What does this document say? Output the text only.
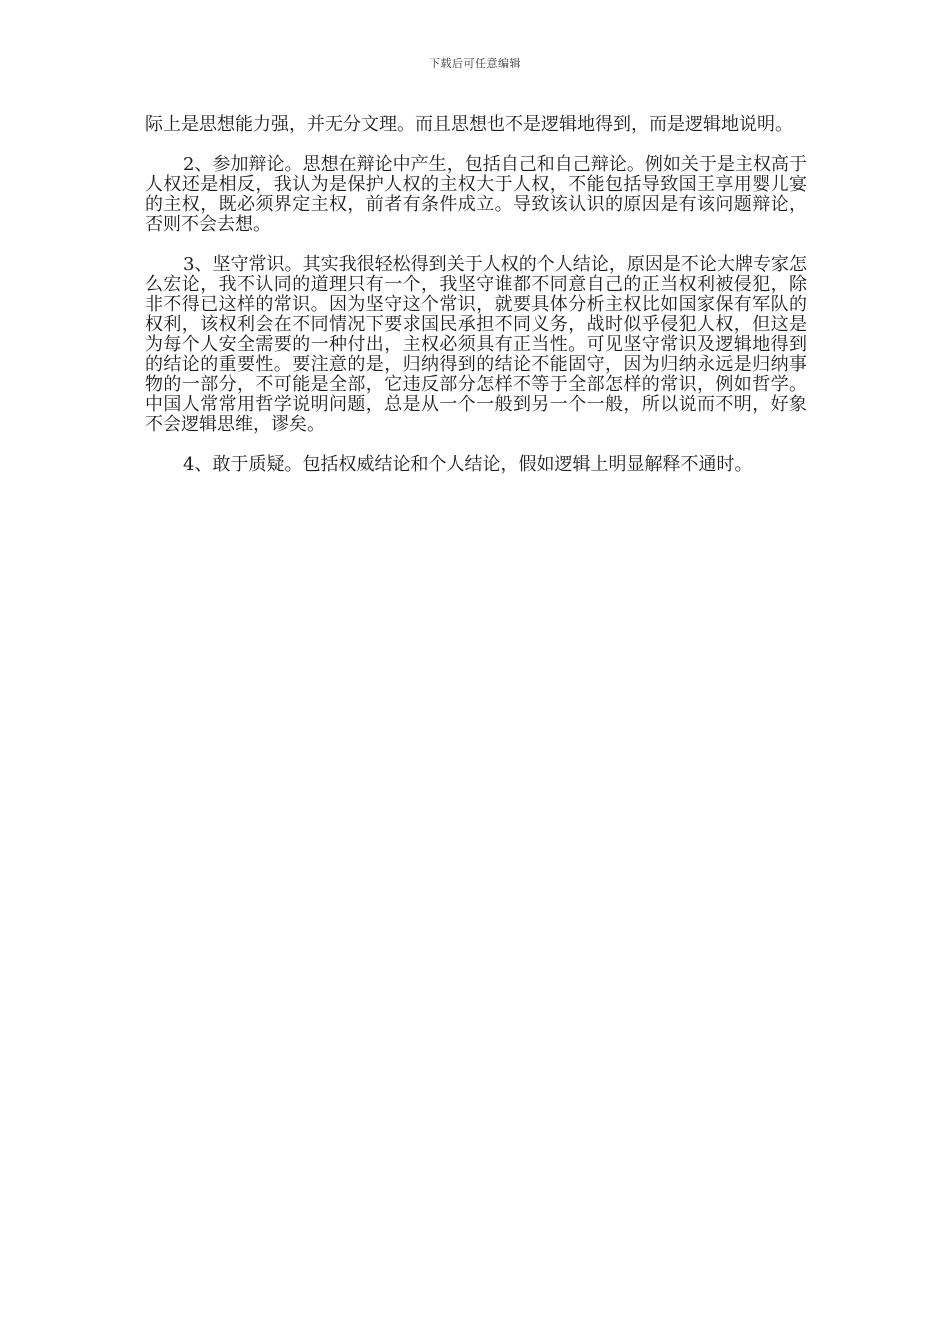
下载后可任意编辑

际上是思想能力强，并无分文理。而且思想也不是逻辑地得到，而是逻辑地说明。

2、参加辩论。思想在辩论中产生，包括自己和自己辩论。例如关于是主权高于人权还是相反，我认为是保护人权的主权大于人权，不能包括导致国王享用婴儿宴的主权，既必须界定主权，前者有条件成立。导致该认识的原因是有该问题辩论，否则不会去想。

3、坚守常识。其实我很轻松得到关于人权的个人结论，原因是不论大牌专家怎么宏论，我不认同的道理只有一个，我坚守谁都不同意自己的正当权利被侵犯，除非不得已这样的常识。因为坚守这个常识，就要具体分析主权比如国家保有军队的权利，该权利会在不同情况下要求国民承担不同义务，战时似乎侵犯人权，但这是为每个人安全需要的一种付出，主权必须具有正当性。可见坚守常识及逻辑地得到的结论的重要性。要注意的是，归纳得到的结论不能固守，因为归纳永远是归纳事物的一部分，不可能是全部，它违反部分怎样不等于全部怎样的常识，例如哲学。中国人常常用哲学说明问题，总是从一个一般到另一个一般，所以说而不明，好象不会逻辑思维，谬矣。

4、敢于质疑。包括权威结论和个人结论，假如逻辑上明显解释不通时。
